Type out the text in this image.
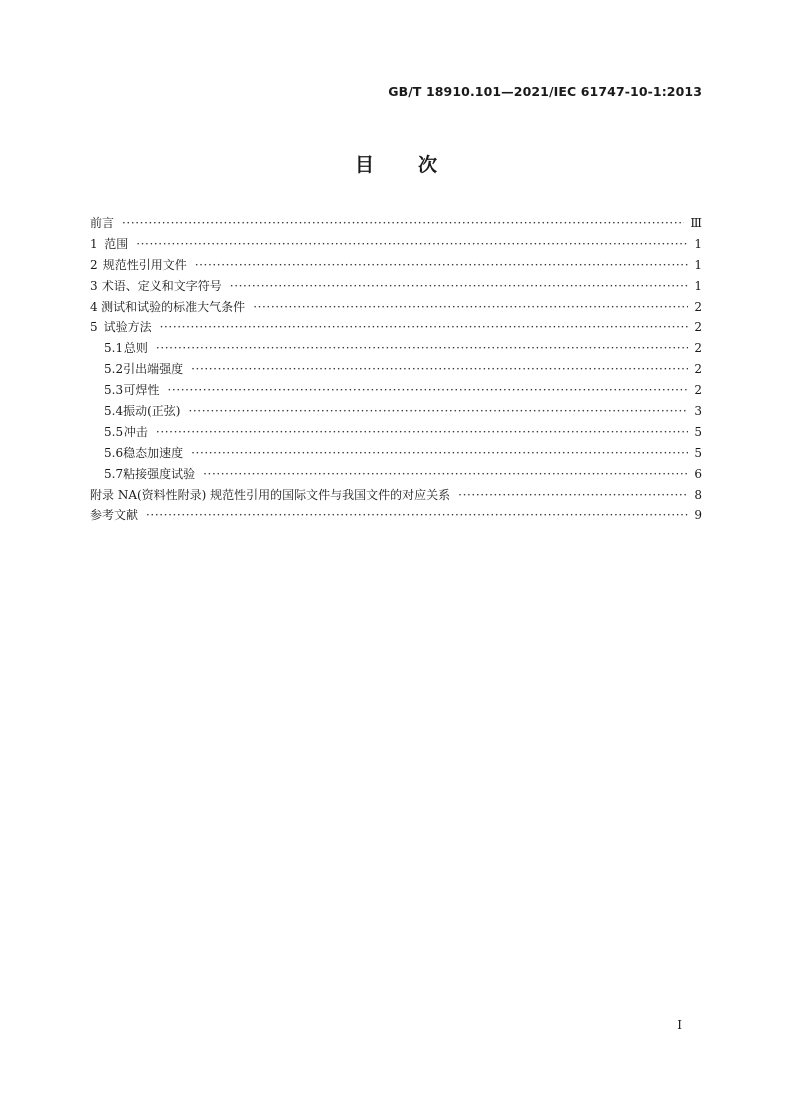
GB/T 18910.101—2021/IEC 61747-10-1:2013
目 次
前言 ·····	Ⅲ
1 范围 ·····	1
2 规范性引用文件 ·····	1
3 术语、定义和文字符号 ·····	1
4 测试和试验的标准大气条件 ·····	2
5 试验方法 ·····	2
5.1 总则 ·····	2
5.2 引出端强度 ·····	2
5.3 可焊性 ·····	2
5.4 振动(正弦) ·····	3
5.5 冲击 ·····	5
5.6 稳态加速度 ·····	5
5.7 粘接强度试验 ·····	6
附录 NA(资料性附录) 规范性引用的国际文件与我国文件的对应关系 ·····	8
参考文献 ·····	9
I
